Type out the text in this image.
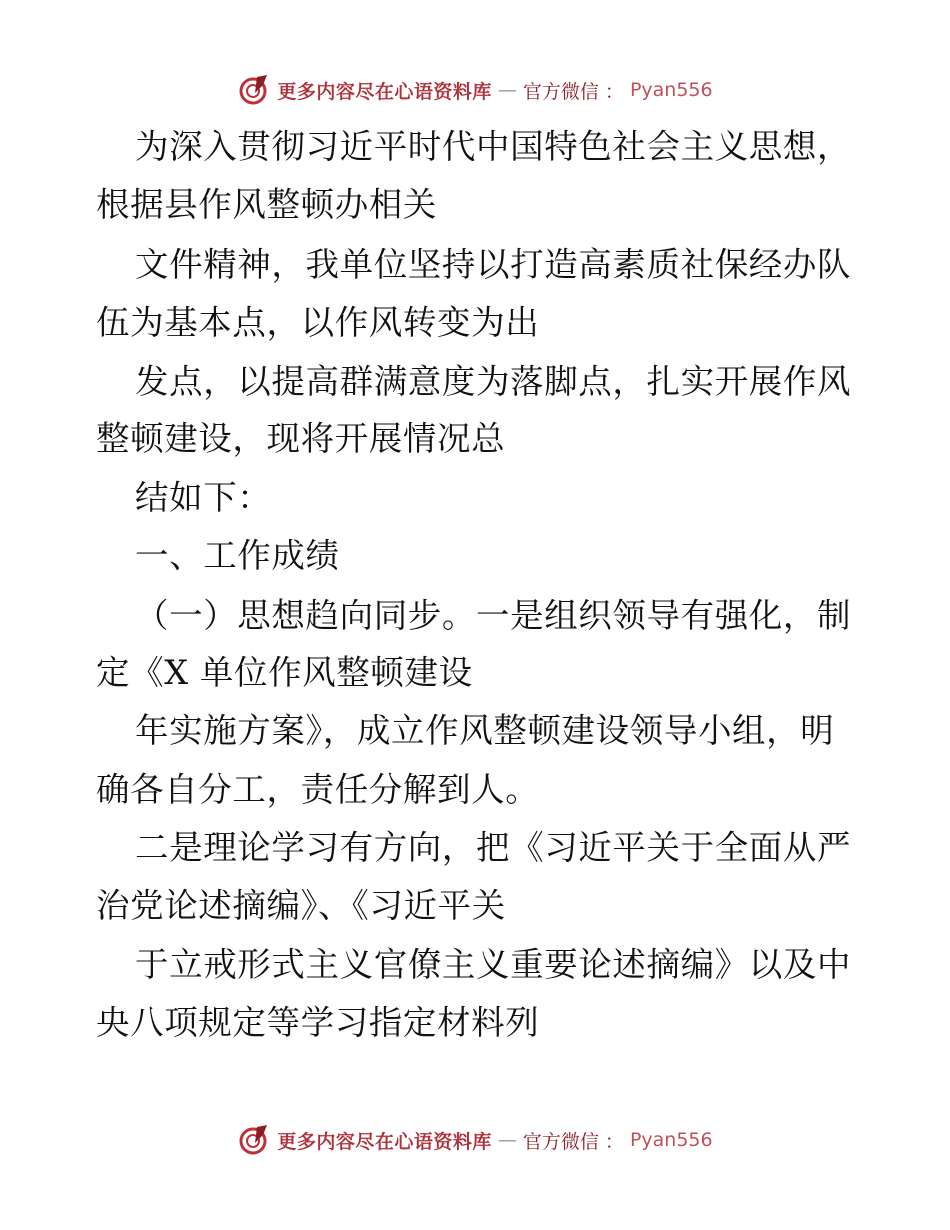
更多内容尽在心语资料库 — 官方微信 ： Pyan556
为深入贯彻习近平时代中国特色社会主义思想，
根据县作风整顿办相关
文件精神，我单位坚持以打造高素质社保经办队
伍为基本点，以作风转变为出
发点，以提高群满意度为落脚点，扎实开展作风
整顿建设，现将开展情况总
结如下：
一、工作成绩
（一）思想趋向同步。一是组织领导有强化，制
定《X 单位作风整顿建设
年实施方案》，成立作风整顿建设领导小组，明
确各自分工，责任分解到人。
二是理论学习有方向，把《习近平关于全面从严
治党论述摘编》、《习近平关
于立戒形式主义官僚主义重要论述摘编》以及中
央八项规定等学习指定材料列
更多内容尽在心语资料库 — 官方微信 ： Pyan556
